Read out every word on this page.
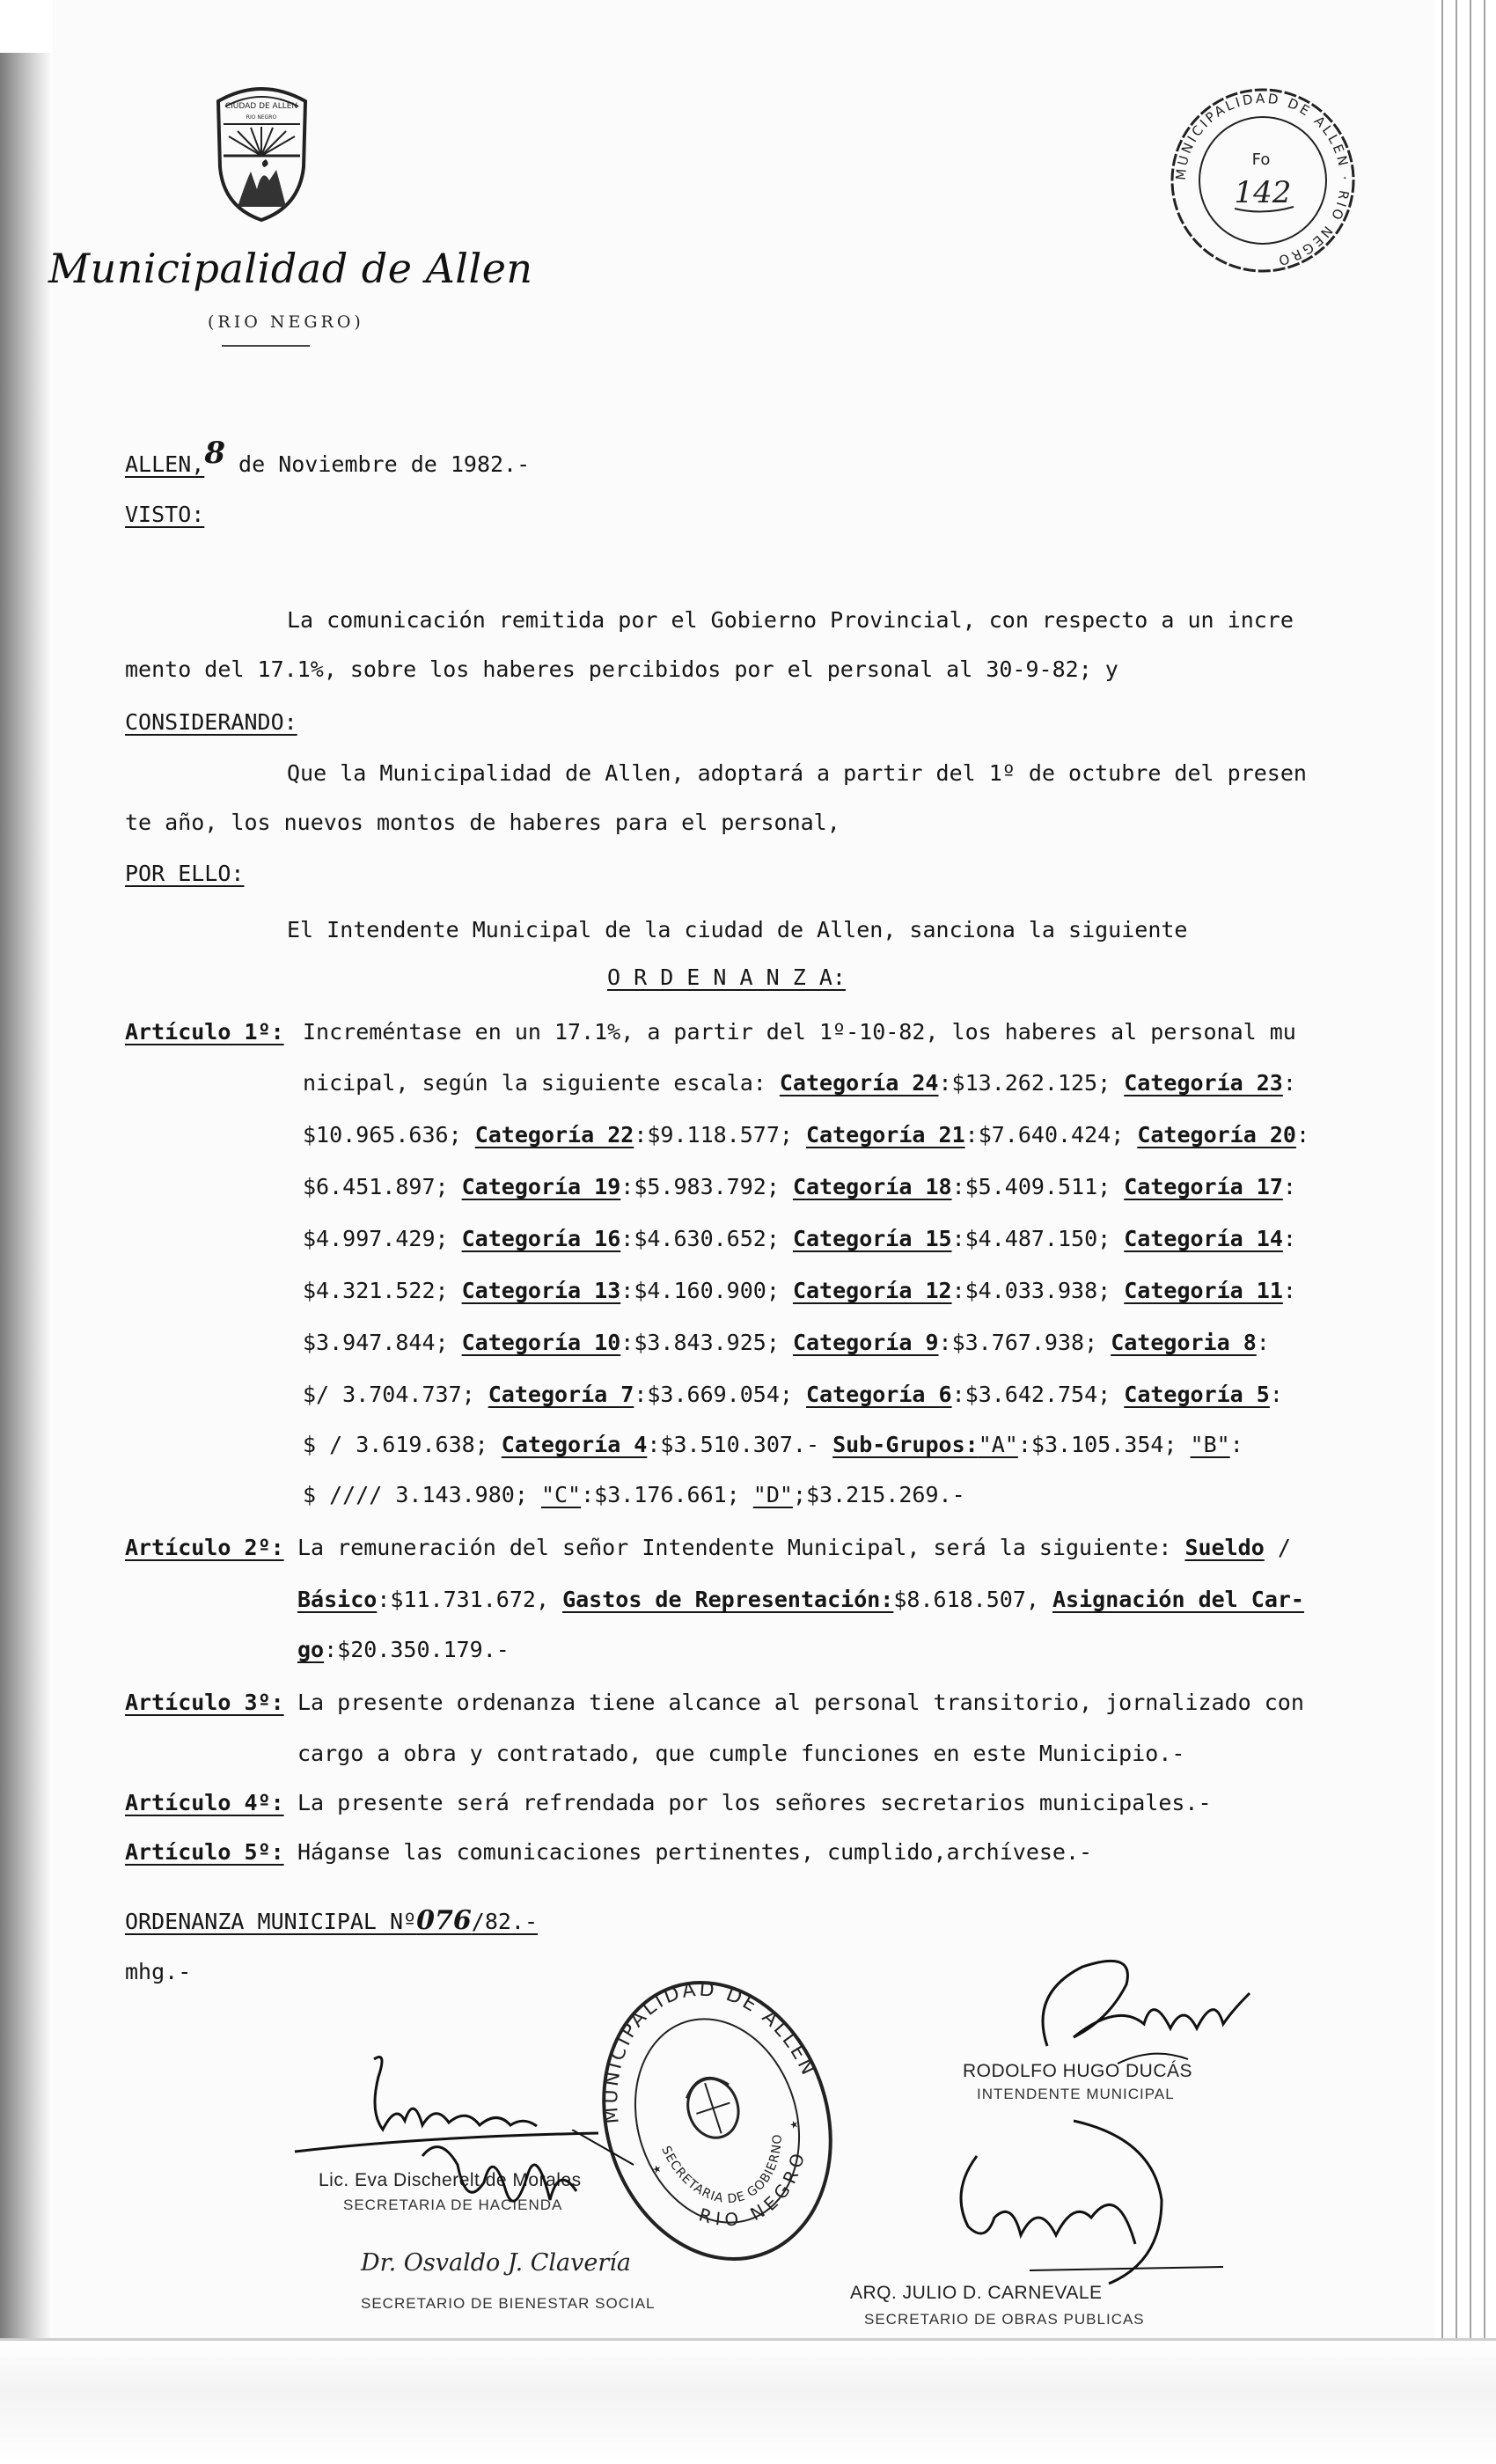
CIUDAD DE ALLEN
RIO NEGRO
Municipalidad de Allen
(RIO NEGRO)
MUNICIPALIDAD DE ALLEN · RIO NEGRO
Fo
142
ALLEN,8 de Noviembre de 1982.-
VISTO:
La comunicación remitida por el Gobierno Provincial, con respecto a un incre
mento del 17.1%, sobre los haberes percibidos por el personal al 30-9-82; y
CONSIDERANDO:
Que la Municipalidad de Allen, adoptará a partir del 1º de octubre del presen
te año, los nuevos montos de haberes para el personal,
POR ELLO:
El Intendente Municipal de la ciudad de Allen, sanciona la siguiente
O R D E N A N Z A:
Artículo 1º: Increméntase en un 17.1%, a partir del 1º-10-82, los haberes al personal mu
nicipal, según la siguiente escala: Categoría 24:$13.262.125; Categoría 23:
$10.965.636; Categoría 22:$9.118.577; Categoría 21:$7.640.424; Categoría 20:
$6.451.897; Categoría 19:$5.983.792; Categoría 18:$5.409.511; Categoría 17:
$4.997.429; Categoría 16:$4.630.652; Categoría 15:$4.487.150; Categoría 14:
$4.321.522; Categoría 13:$4.160.900; Categoría 12:$4.033.938; Categoría 11:
$3.947.844; Categoría 10:$3.843.925; Categoría 9:$3.767.938; Categoria 8:
$/ 3.704.737; Categoría 7:$3.669.054; Categoría 6:$3.642.754; Categoría 5:
$ / 3.619.638; Categoría 4:$3.510.307.- Sub-Grupos:"A":$3.105.354; "B":
$ //// 3.143.980; "C":$3.176.661; "D";$3.215.269.-
Artículo 2º: La remuneración del señor Intendente Municipal, será la siguiente: Sueldo /
Básico:$11.731.672, Gastos de Representación:$8.618.507, Asignación del Car-
go:$20.350.179.-
Artículo 3º: La presente ordenanza tiene alcance al personal transitorio, jornalizado con
cargo a obra y contratado, que cumple funciones en este Municipio.-
Artículo 4º: La presente será refrendada por los señores secretarios municipales.-
Artículo 5º: Háganse las comunicaciones pertinentes, cumplido,archívese.-
ORDENANZA MUNICIPAL Nº076/82.-
mhg.-
MUNICIPALIDAD DE ALLEN
RIO NEGRO
SECRETARIA DE GOBIERNO
★
★
Lic. Eva Discherelt de Morales
SECRETARIA DE HACIENDA
Dr. Osvaldo J. Clavería
SECRETARIO DE BIENESTAR SOCIAL
RODOLFO HUGO DUCÁS
INTENDENTE MUNICIPAL
ARQ. JULIO D. CARNEVALE
SECRETARIO DE OBRAS PUBLICAS
